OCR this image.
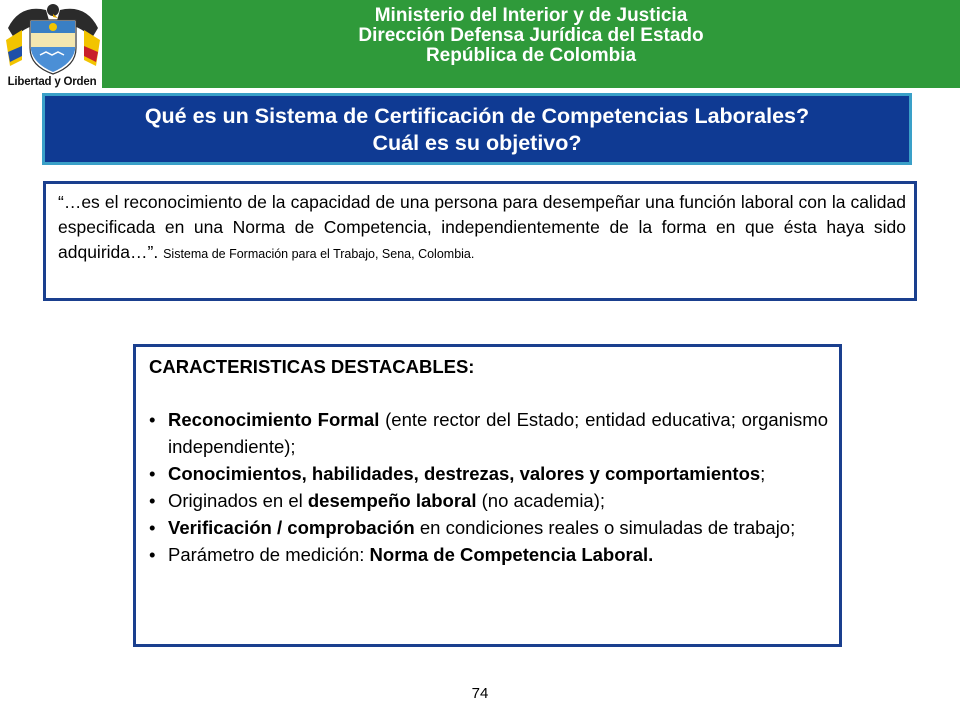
Libertad y Orden
Ministerio del Interior y de Justicia
Dirección Defensa Jurídica del Estado
República de Colombia
Qué es un Sistema de Certificación de Competencias Laborales?
Cuál es su objetivo?
“…es el reconocimiento de la capacidad de una persona para desempeñar una función laboral con la calidad especificada en una Norma de Competencia, independientemente de la forma en que ésta haya sido adquirida…”. Sistema de Formación para el Trabajo, Sena, Colombia.
CARACTERISTICAS DESTACABLES:
• Reconocimiento Formal (ente rector del Estado; entidad educativa; organismo independiente);
• Conocimientos, habilidades, destrezas, valores y comportamientos;
• Originados en el desempeño laboral (no academia);
• Verificación / comprobación en condiciones reales o simuladas de trabajo;
• Parámetro de medición: Norma de Competencia Laboral.
74
